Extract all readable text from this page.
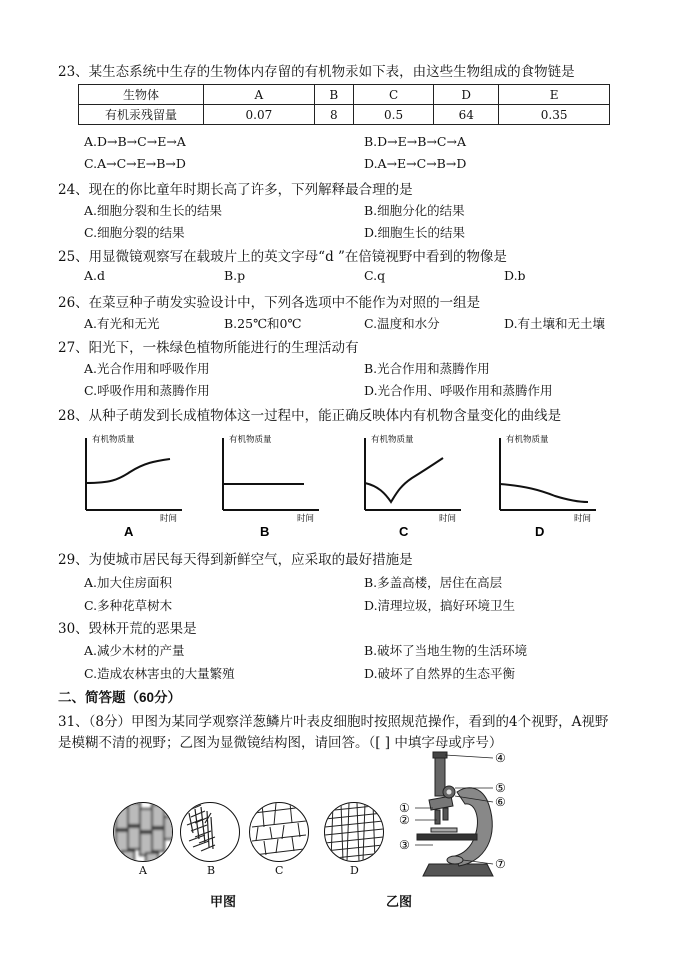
23、某生态系统中生存的生物体内存留的有机物汞如下表，由这些生物组成的食物链是
生物体	A	B	C	D	E
有机汞残留量	0.07	8	0.5	64	0.35
A.D→B→C→E→A	B.D→E→B→C→A
C.A→C→E→B→D	D.A→E→C→B→D
24、现在的你比童年时期长高了许多，下列解释最合理的是
A.细胞分裂和生长的结果	B.细胞分化的结果
C.细胞分裂的结果	D.细胞生长的结果
25、用显微镜观察写在载玻片上的英文字母“d ”在倍镜视野中看到的物像是
A.d	B.p	C.q	D.b
26、在菜豆种子萌发实验设计中，下列各选项中不能作为对照的一组是
A.有光和无光	B.25℃和0℃	C.温度和水分	D.有土壤和无土壤
27、阳光下，一株绿色植物所能进行的生理活动有
A.光合作用和呼吸作用	B.光合作用和蒸腾作用
C.呼吸作用和蒸腾作用	D.光合作用、呼吸作用和蒸腾作用
28、从种子萌发到长成植物体这一过程中，能正确反映体内有机物含量变化的曲线是
有机物质量
时间
A
有机物质量
时间
B
有机物质量
时间
C
有机物质量
时间
D
29、为使城市居民每天得到新鲜空气，应采取的最好措施是
A.加大住房面积	B.多盖高楼，居住在高层
C.多种花草树木	D.清理垃圾，搞好环境卫生
30、毁林开荒的恶果是
A.减少木材的产量	B.破坏了当地生物的生活环境
C.造成农林害虫的大量繁殖	D.破坏了自然界的生态平衡
二、简答题（60分）
31、（8分）甲图为某同学观察洋葱鳞片叶表皮细胞时按照规范操作，看到的4个视野，A视野
是模糊不清的视野；乙图为显微镜结构图，请回答。（[ ] 中填字母或序号）
A	B	C	D
甲图
④
⑤
⑥
①
②
③
⑦
乙图
